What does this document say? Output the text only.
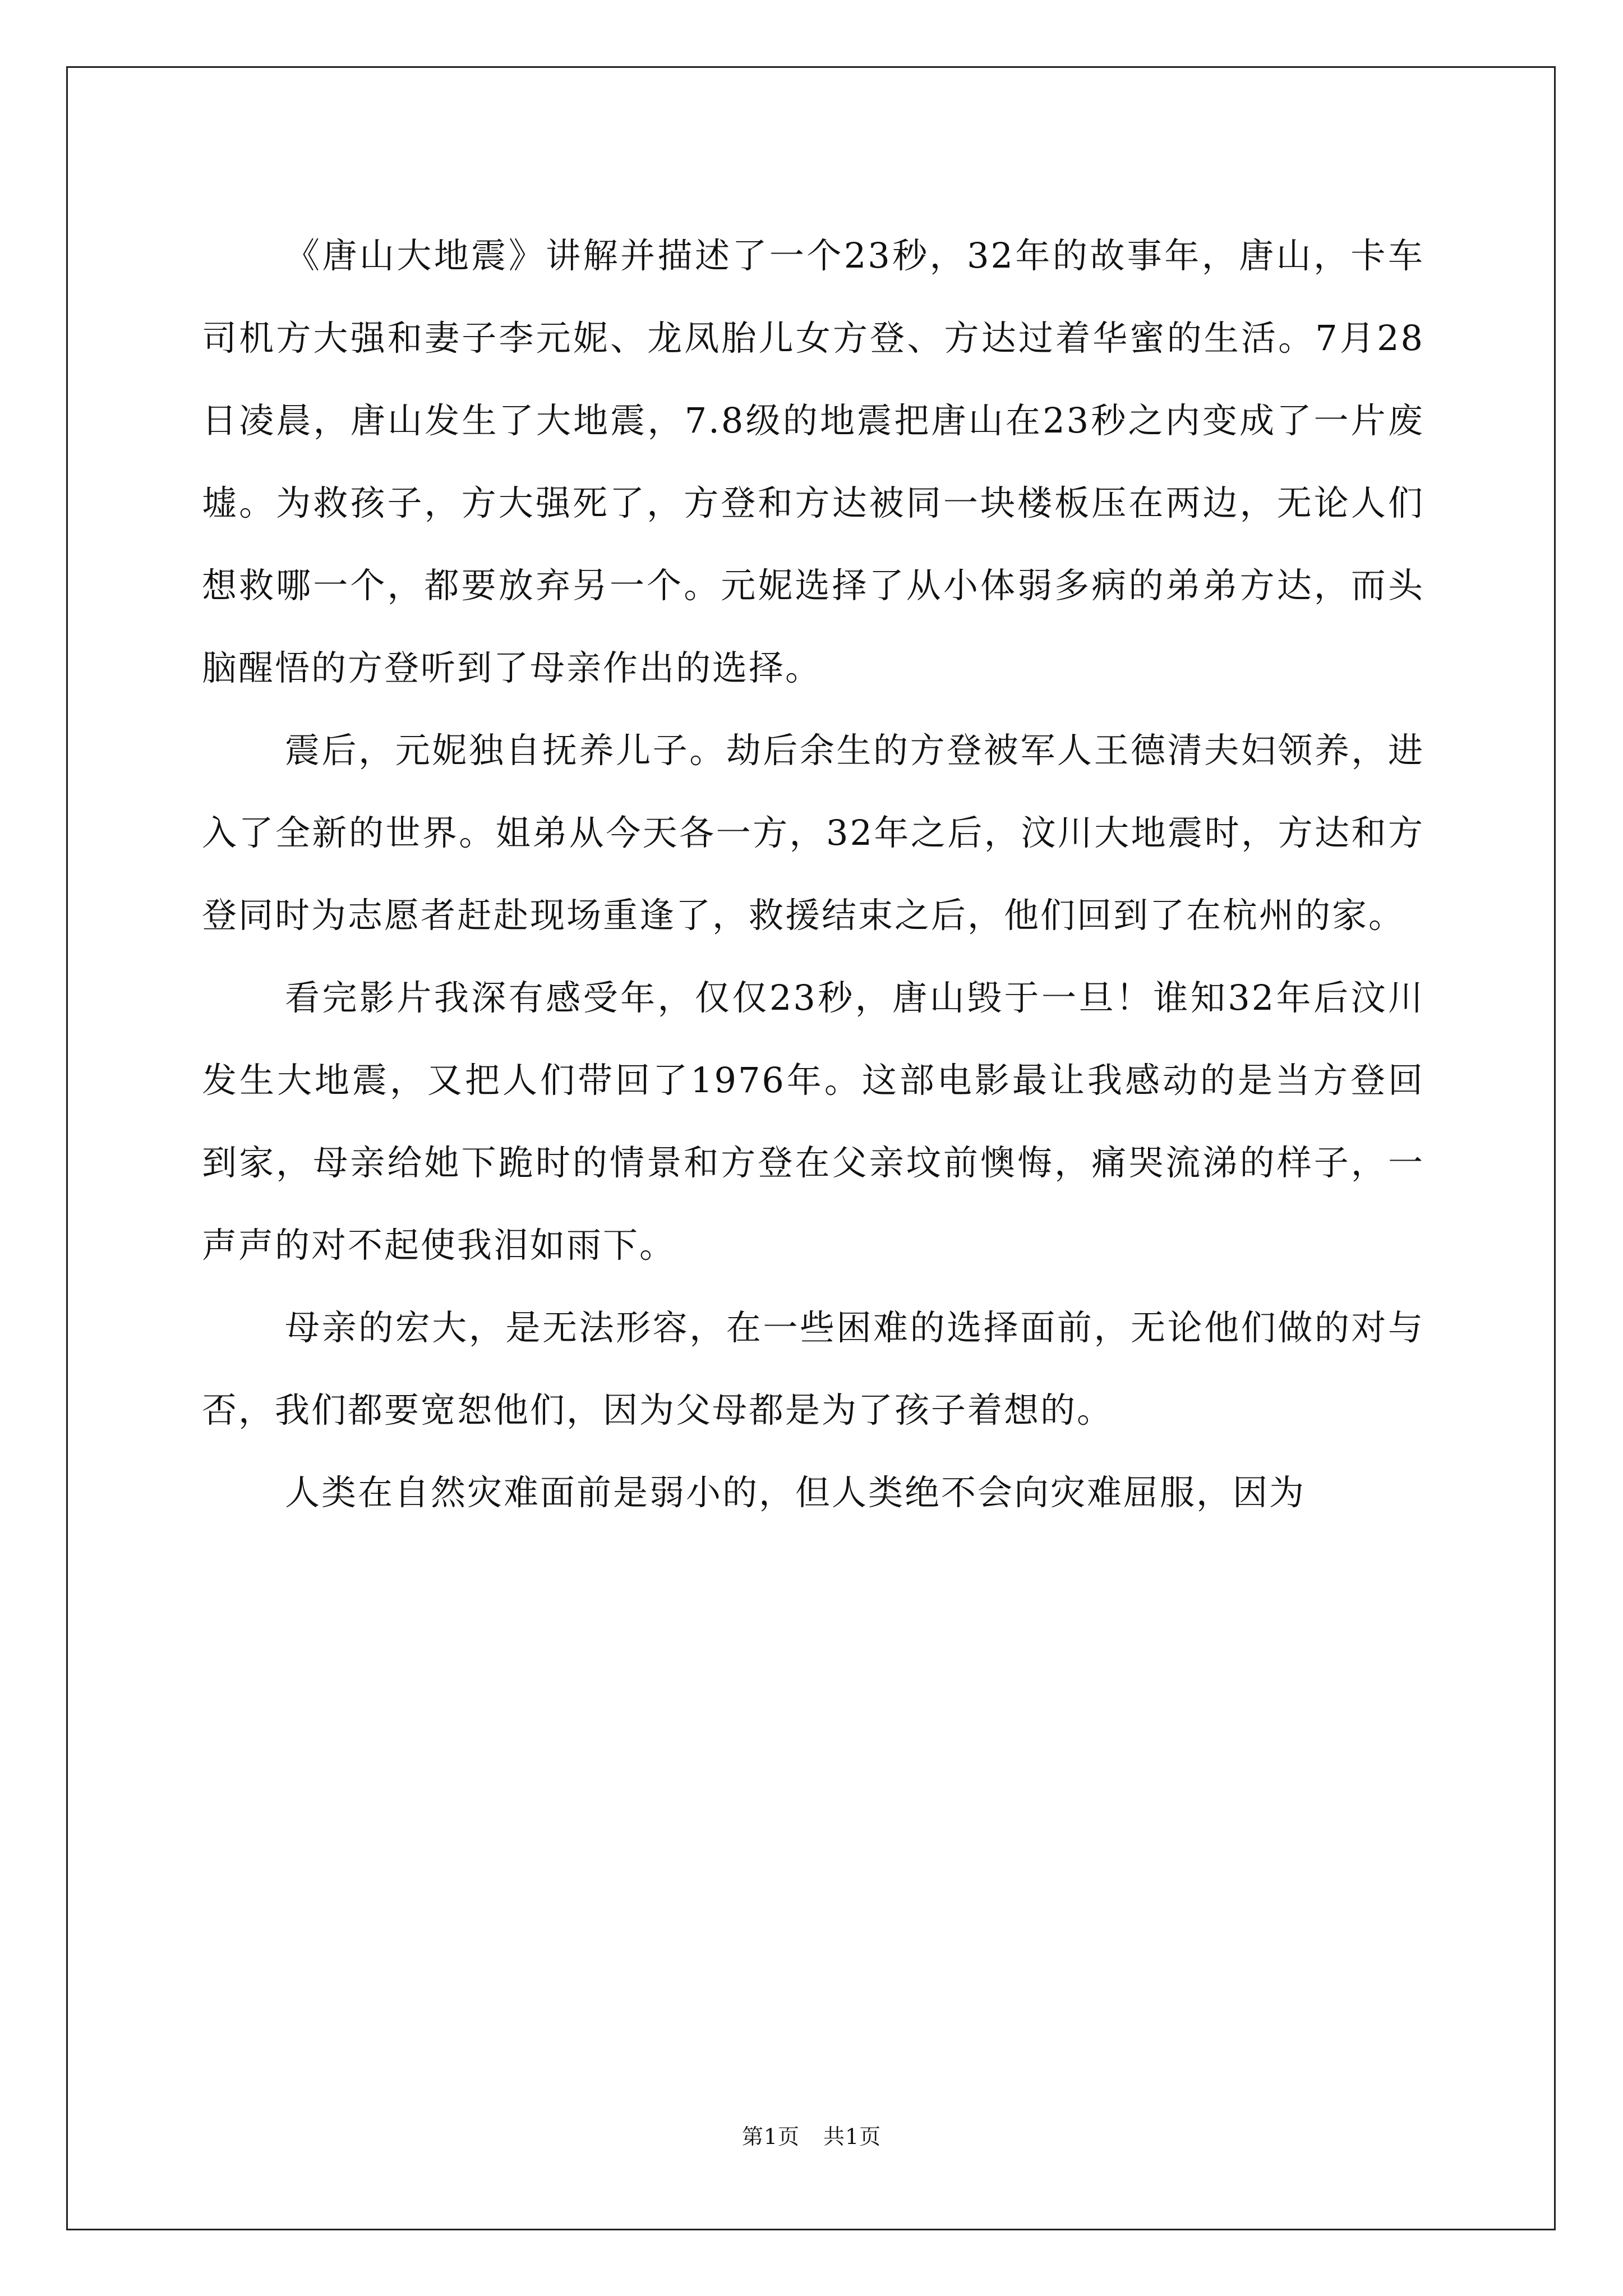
《唐山大地震》讲解并描述了一个23秒，32年的故事年，唐山，卡车司机方大强和妻子李元妮、龙凤胎儿女方登、方达过着华蜜的生活。7月28日凌晨，唐山发生了大地震，7.8级的地震把唐山在23秒之内变成了一片废墟。为救孩子，方大强死了，方登和方达被同一块楼板压在两边，无论人们想救哪一个，都要放弃另一个。元妮选择了从小体弱多病的弟弟方达，而头脑醒悟的方登听到了母亲作出的选择。

震后，元妮独自抚养儿子。劫后余生的方登被军人王德清夫妇领养，进入了全新的世界。姐弟从今天各一方，32年之后，汶川大地震时，方达和方登同时为志愿者赶赴现场重逢了，救援结束之后，他们回到了在杭州的家。

看完影片我深有感受年，仅仅23秒，唐山毁于一旦！谁知32年后汶川发生大地震，又把人们带回了1976年。这部电影最让我感动的是当方登回到家，母亲给她下跪时的情景和方登在父亲坟前懊悔，痛哭流涕的样子，一声声的对不起使我泪如雨下。

母亲的宏大，是无法形容，在一些困难的选择面前，无论他们做的对与否，我们都要宽恕他们，因为父母都是为了孩子着想的。

人类在自然灾难面前是弱小的，但人类绝不会向灾难屈服，因为

第1页 共1页
